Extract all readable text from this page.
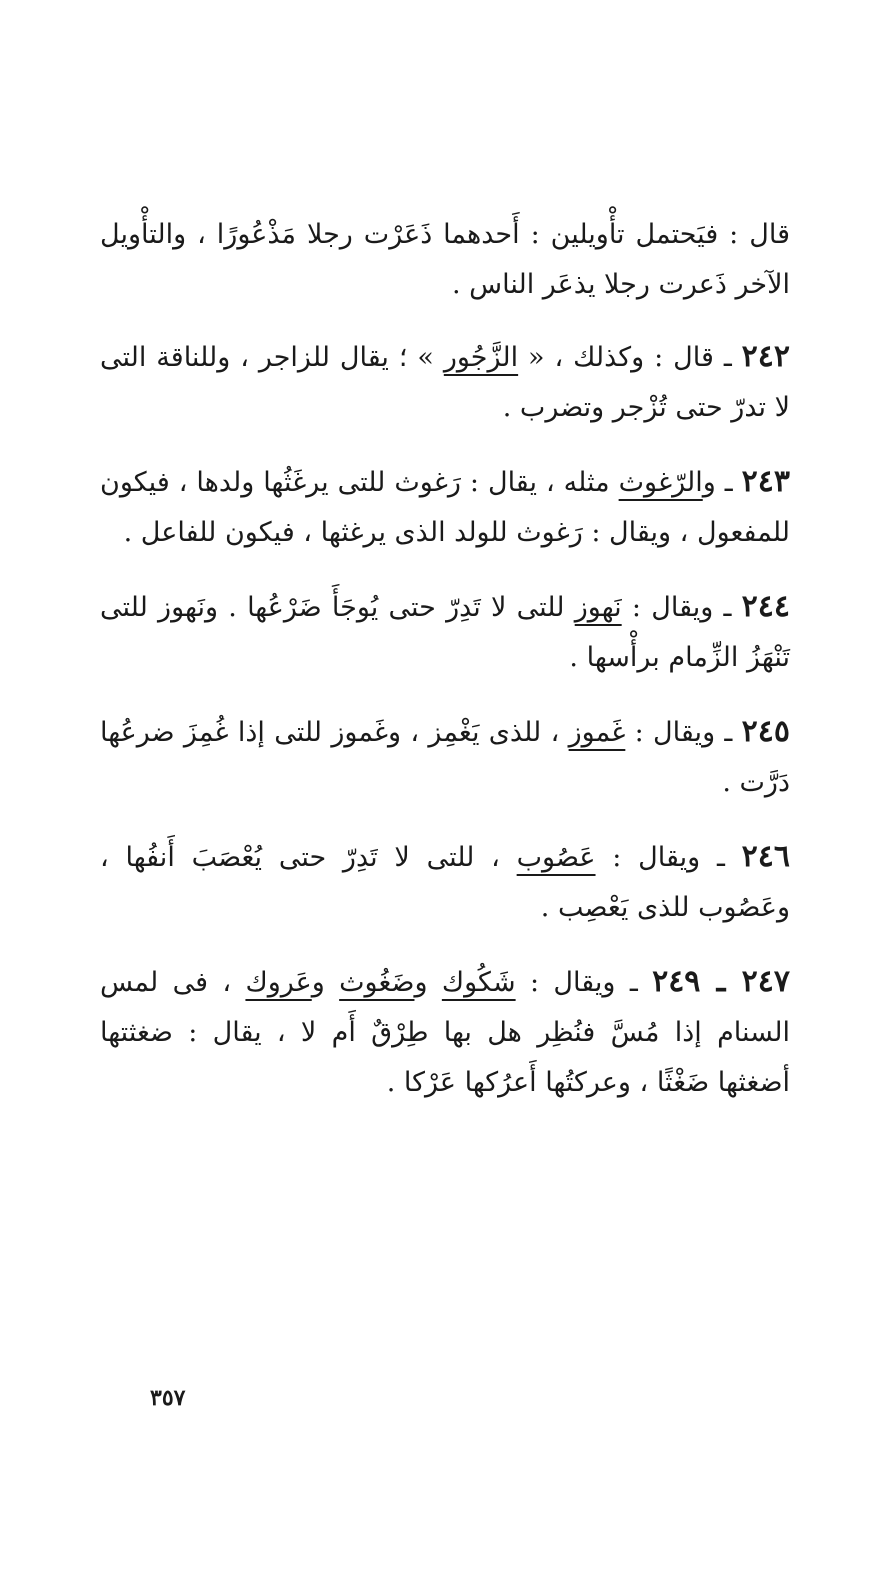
قال : فيَحتمل تأْويلين : أَحدهما ذَعَرْت رجلا مَذْعُورًا ، والتأْويل الآخر ذَعرت رجلا يذعَر الناس .

٢٤٢ ـ قال : وكذلك ، « الزَّجُور » ؛ يقال للزاجر ، وللناقة التى لا تدرّ حتى تُزْجر وتضرب .

٢٤٣ ـ والرّغوث مثله ، يقال : رَغوث للتى يرغَثُها ولدها ، فيكون للمفعول ، ويقال : رَغوث للولد الذى يرغثها ، فيكون للفاعل .

٢٤٤ ـ ويقال : نَهوز للتى لا تَدِرّ حتى يُوجَأَ ضَرْعُها . ونَهوز للتى تَنْهَزُ الزِّمام برأْسها .

٢٤٥ ـ ويقال : غَموز ، للذى يَغْمِز ، وغَموز للتى إذا غُمِزَ ضرعُها دَرَّت .

٢٤٦ ـ ويقال : عَصُوب ، للتى لا تَدِرّ حتى يُعْصَبَ أَنفُها ، وعَصُوب للذى يَعْصِب .

٢٤٧ ـ ٢٤٩ ـ ويقال : شَكُوك وضَغُوث وعَروك ، فى لمس السنام إذا مُسَّ فنُظِر هل بها طِرْقٌ أَم لا ، يقال : ضغثتها أضغثها ضَغْثًا ، وعركتُها أَعرُكها عَرْكا .

٣٥٧
